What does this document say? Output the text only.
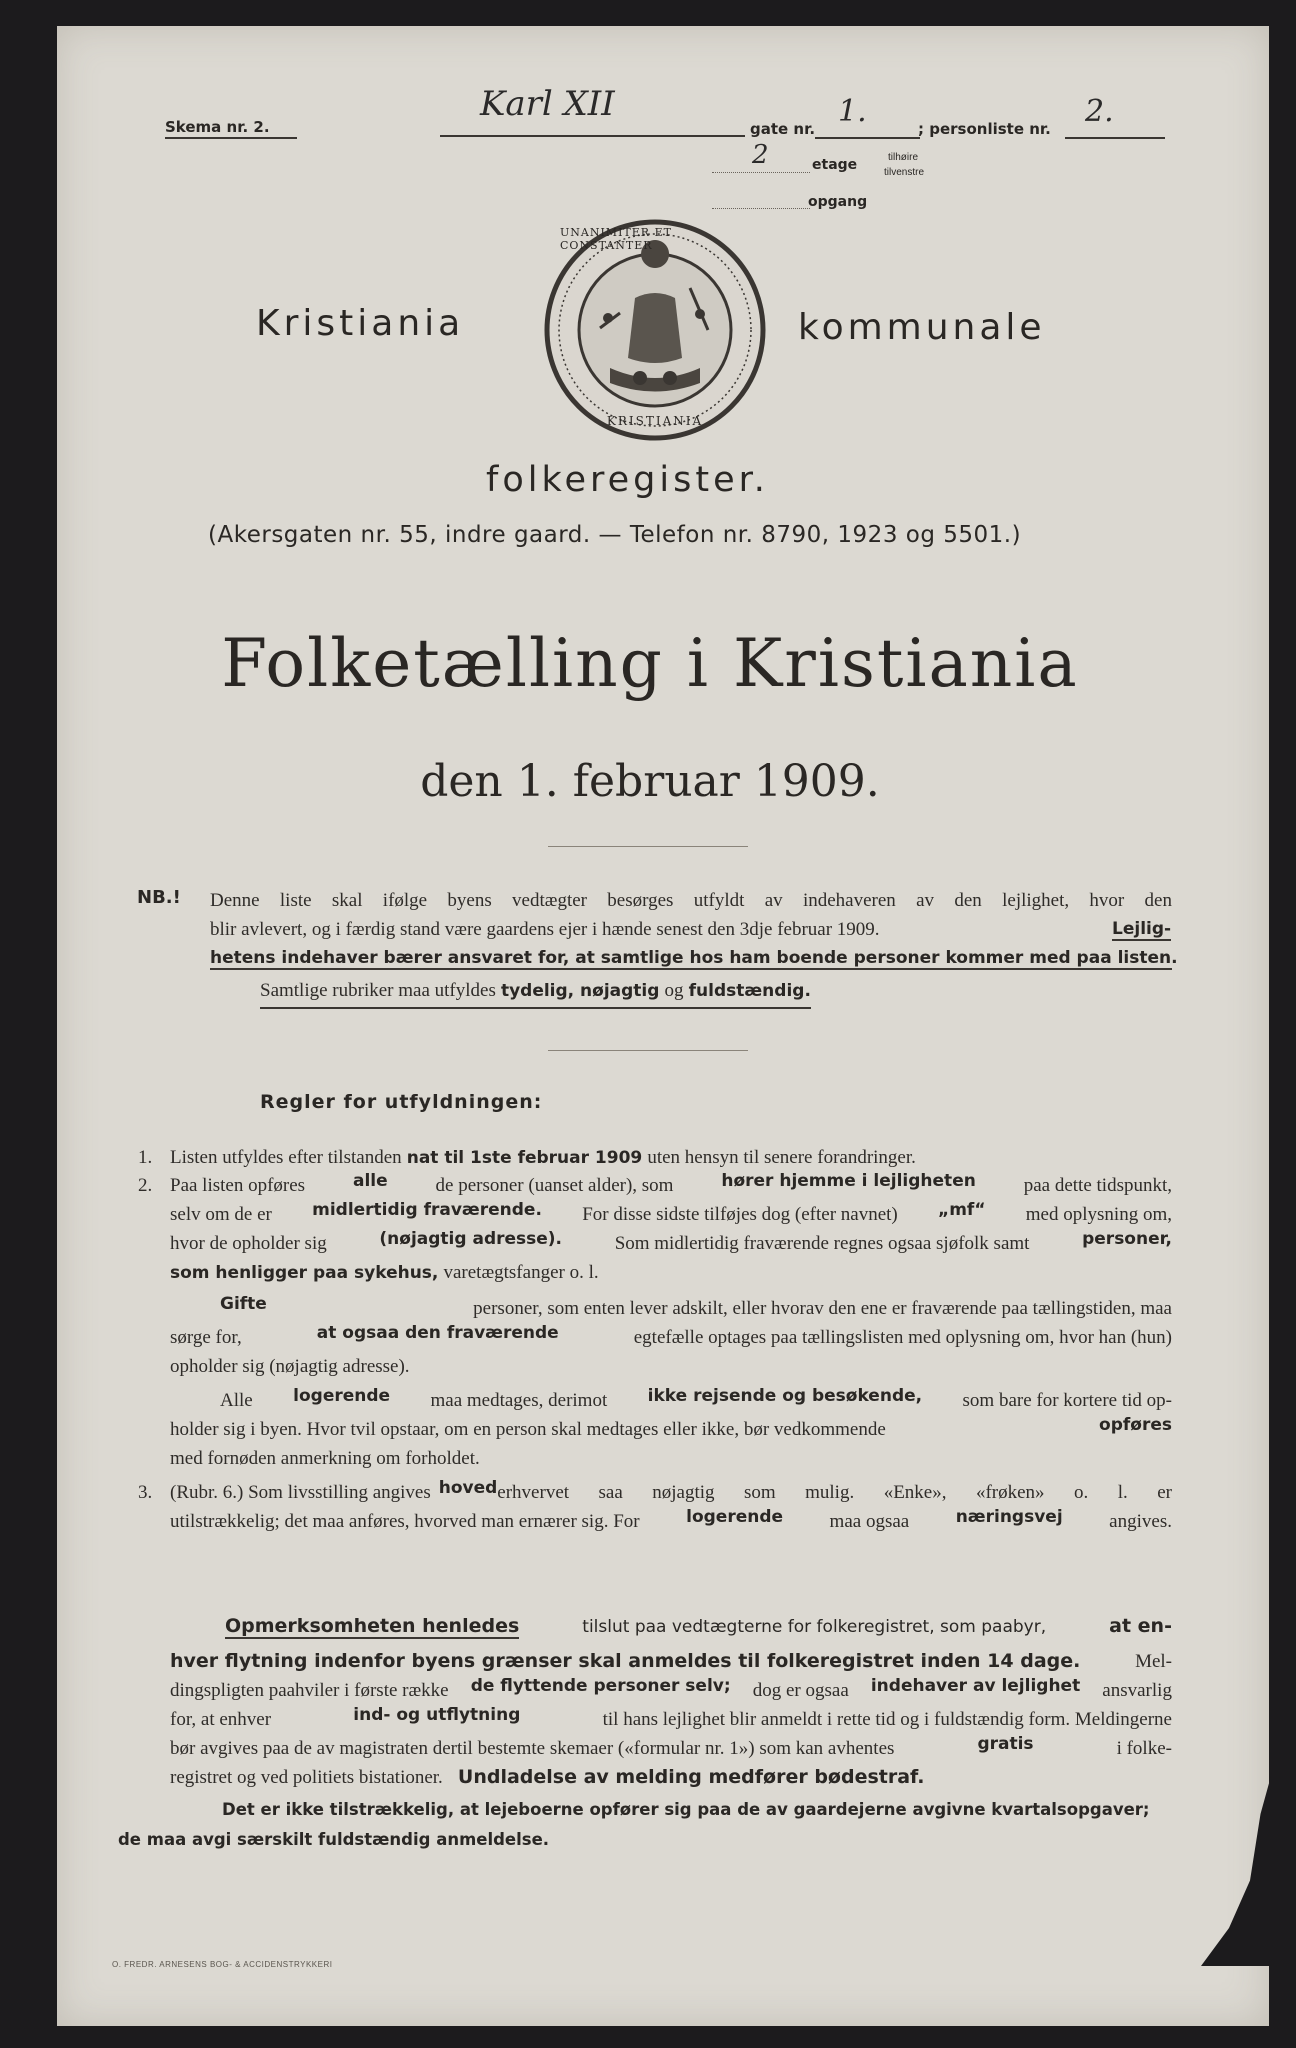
Skema nr. 2.
Karl XII
gate nr. 1.	; personliste nr. 2.
2	etage	tilhøire
tilvenstre
opgang
Kristiania	kommunale
UNANIMITER ET CONSTANTER
KRISTIANIA
folkeregister.
(Akersgaten nr. 55, indre gaard. — Telefon nr. 8790, 1923 og 5501.)
Folketælling i Kristiania
den 1. februar 1909.
NB.! Denne liste skal ifølge byens vedtægter besørges utfyldt av indehaveren av den lejlighet, hvor den
blir avlevert, og i færdig stand være gaardens ejer i hænde senest den 3dje februar 1909.	Lejlig-
hetens indehaver bærer ansvaret for, at samtlige hos ham boende personer kommer med paa listen.
Samtlige rubriker maa utfyldes tydelig, nøjagtig og fuldstændig.
Regler for utfyldningen:
1. Listen utfyldes efter tilstanden nat til 1ste februar 1909 uten hensyn til senere forandringer.
2. Paa listen opføres	alle	de personer (uanset alder), som	hører hjemme i lejligheten	paa dette tidspunkt,
selv om de er midlertidig fraværende. For disse sidste tilføjes dog (efter navnet) „mf“ med oplysning om,
hvor de opholder sig	(nøjagtig adresse).	Som midlertidig fraværende regnes ogsaa sjøfolk samt	personer,
som henligger paa sykehus, varetægtsfanger o. l.
Gifte	personer, som enten lever adskilt, eller hvorav den ene er fraværende paa tællingstiden, maa
sørge for,	at ogsaa den fraværende	egtefælle optages paa tællingslisten med oplysning om, hvor han (hun)
opholder sig (nøjagtig adresse).
Alle logerende maa medtages, derimot ikke rejsende og besøkende, som bare for kortere tid op-
holder sig i byen. Hvor tvil opstaar, om en person skal medtages eller ikke, bør vedkommende	opføres
med fornøden anmerkning om forholdet.
3. (Rubr. 6.) Som livsstilling angives hoved erhvervet saa nøjagtig som mulig. «Enke», «frøken» o. l. er
utilstrækkelig; det maa anføres, hvorved man ernærer sig. For	logerende maa ogsaa	næringsvej angives.
Opmerksomheten henledes	tilslut paa vedtægterne for folkeregistret, som paabyr,	at en-
hver flytning indenfor byens grænser skal anmeldes til folkeregistret inden 14 dage.	Mel-
dingspligten paahviler i første række de flyttende personer selv; dog er ogsaa indehaver av lejlighet ansvarlig
for, at enhver	ind- og utflytning	til hans lejlighet blir anmeldt i rette tid og i fuldstændig form. Meldingerne
bør avgives paa de av magistraten dertil bestemte skemaer («formular nr. 1») som kan avhentes	gratis	i folke-
registret og ved politiets bistationer. Undladelse av melding medfører bødestraf.
Det er ikke tilstrækkelig, at lejeboerne opfører sig paa de av gaardejerne avgivne kvartalsopgaver;
de maa avgi særskilt fuldstændig anmeldelse.
O. FREDR. ARNESENS BOG- & ACCIDENSTRYKKERI
